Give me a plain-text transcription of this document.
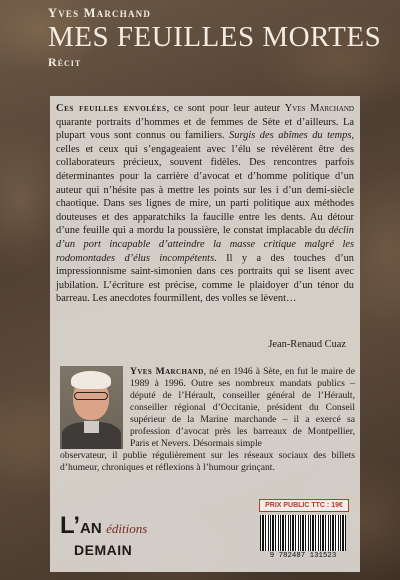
Yves Marchand
MES FEUILLES MORTES
Récit
Ces feuilles envolées, ce sont pour leur auteur Yves Marchand quarante portraits d’hommes et de femmes de Sète et d’ailleurs. La plupart vous sont connus ou familiers. Surgis des abîmes du temps, celles et ceux qui s’engageaient avec l’élu se révélèrent être des collaborateurs précieux, souvent fidèles. Des rencontres parfois déterminantes pour la carrière d’avocat et d’homme politique d’un auteur qui n’hésite pas à mettre les points sur les i d’un demi-siècle chaotique. Dans ses lignes de mire, un parti politique aux méthodes douteuses et des apparatchiks la faucille entre les dents. Au détour d’une feuille qui a mordu la poussière, le constat implacable du déclin d’un port incapable d’atteindre la masse critique malgré les rodomontades d’élus incompétents. Il y a des touches d’un impressionnisme saint-simonien dans ces portraits qui se lisent avec jubilation. L’écriture est précise, comme le plaidoyer d’un ténor du barreau. Les anecdotes fourmillent, des volles se lèvent…
Jean-Renaud Cuaz
Yves Marchand, né en 1946 à Sète, en fut le maire de 1989 à 1996. Outre ses nombreux mandats publics – député de l’Hérault, conseiller général de l’Hérault, conseiller régional d’Occitanie, président du Conseil supérieur de la Marine marchande – il a exercé sa profession d’avocat près les barreaux de Montpellier, Paris et Nevers. Désormais simple
observateur, il publie régulièrement sur les réseaux sociaux des billets d’humeur, chroniques et réflexions à l’humour grinçant.
L’AN éditions
DEMAIN
PRIX PUBLIC TTC : 19€
9 782487 131523
